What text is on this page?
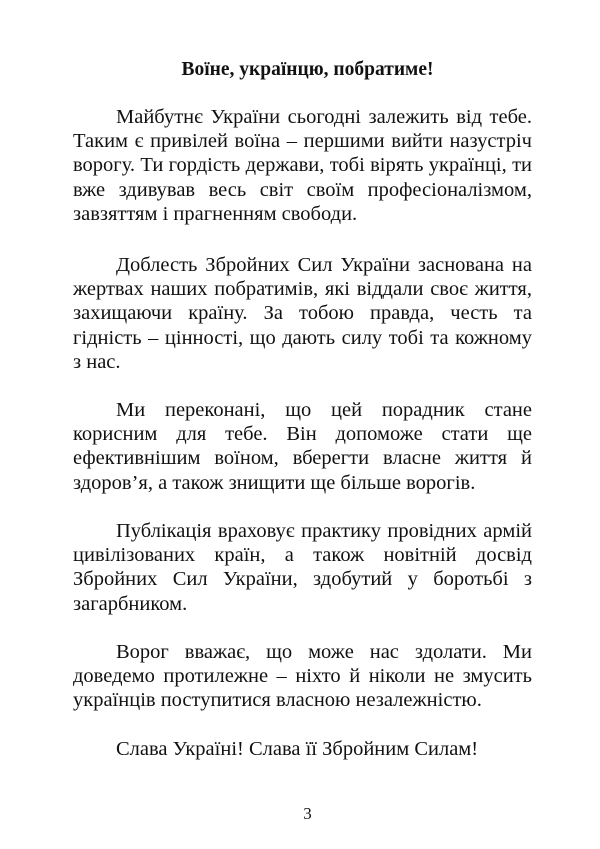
Воїне, українцю, побратиме!

Майбутнє України сьогодні залежить від тебе. Таким є привілей воїна – першими вийти назустріч ворогу. Ти гордість держави, тобі вірять українці, ти вже здивував весь світ своїм професіоналізмом, завзяттям і прагненням свободи.

Доблесть Збройних Сил України заснована на жертвах наших побратимів, які віддали своє життя, захищаючи країну. За тобою правда, честь та гідність – цінності, що дають силу тобі та кожному з нас.

Ми переконані, що цей порадник стане корисним для тебе. Він допоможе стати ще ефективнішим воїном, вберегти власне життя й здоров’я, а також знищити ще більше ворогів.

Публікація враховує практику провідних армій цивілізованих країн, а також новітній досвід Збройних Сил України, здобутий у боротьбі з загарбником.

Ворог вважає, що може нас здолати. Ми доведемо протилежне – ніхто й ніколи не змусить українців поступитися власною незалежністю.

Слава Україні! Слава її Збройним Силам!

3
